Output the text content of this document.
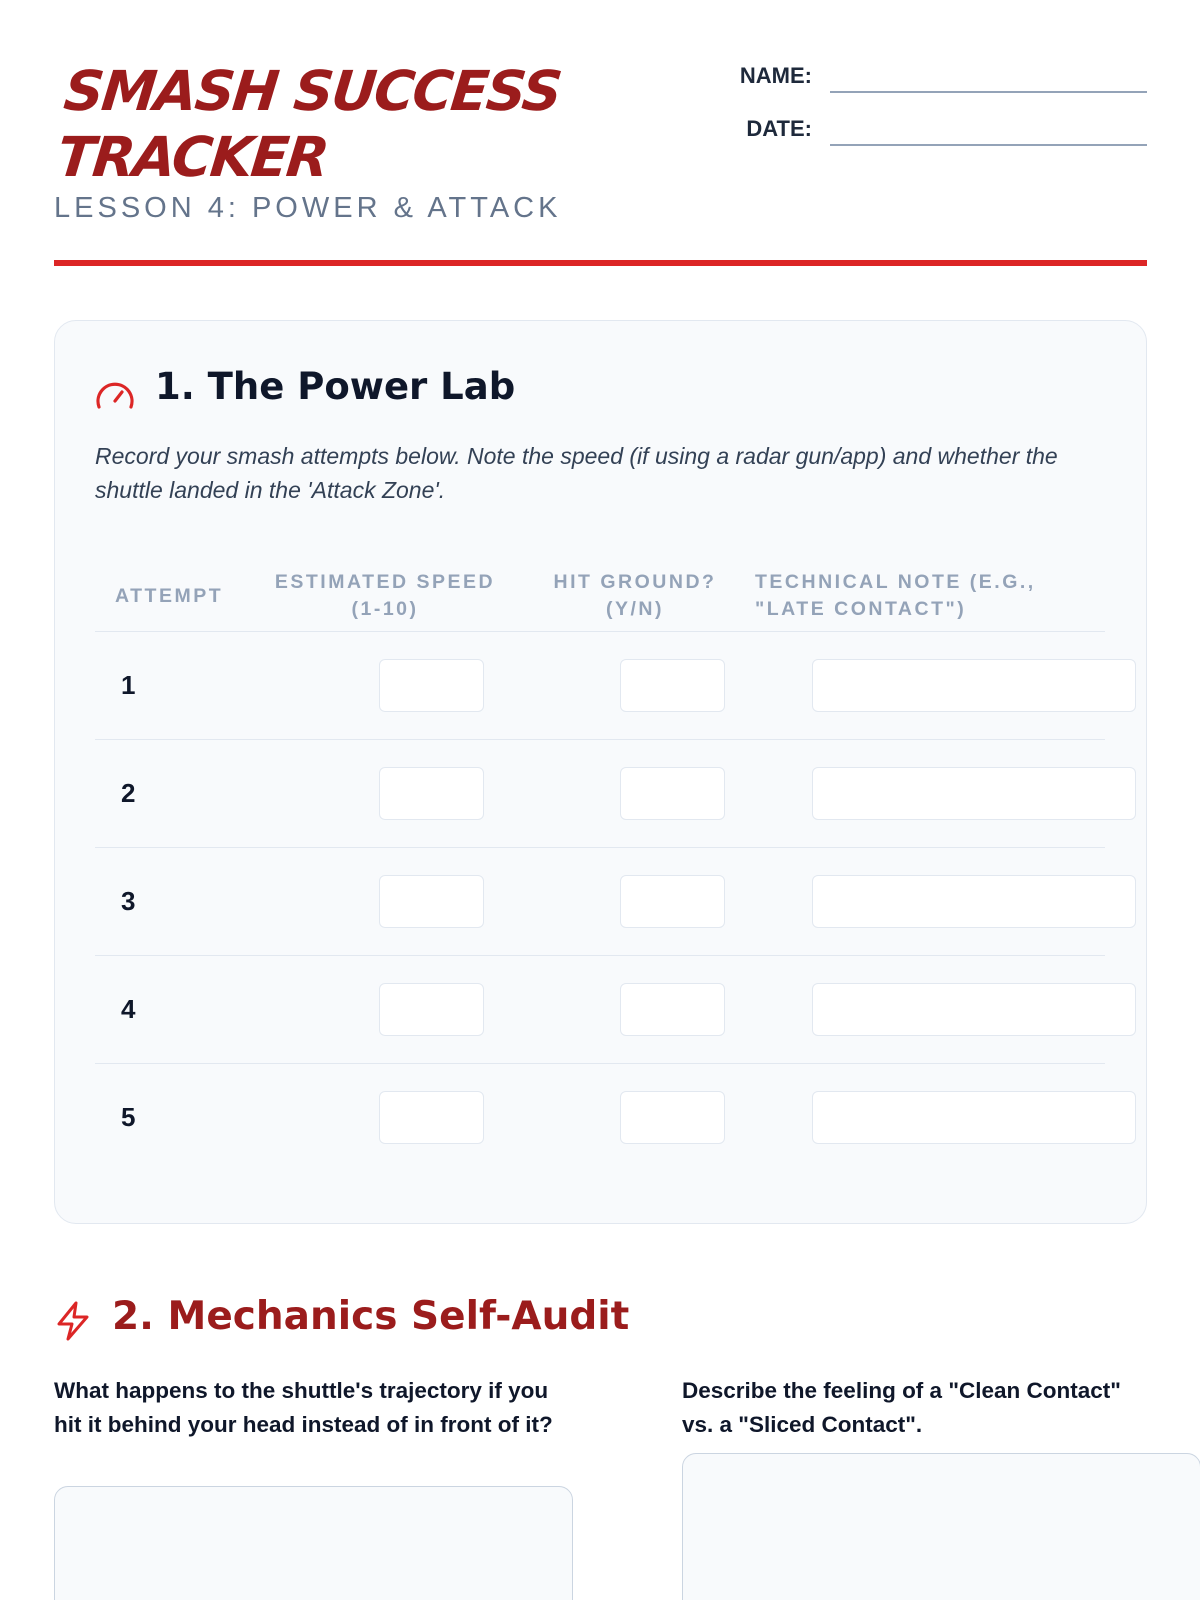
SMASH SUCCESS TRACKER
LESSON 4: POWER & ATTACK
NAME:
DATE:
1. The Power Lab
Record your smash attempts below. Note the speed (if using a radar gun/app) and whether the shuttle landed in the 'Attack Zone'.
ATTEMPT
ESTIMATED SPEED (1-10)
HIT GROUND? (Y/N)
TECHNICAL NOTE (E.G., "LATE CONTACT")
1
2
3
4
5
2. Mechanics Self-Audit
What happens to the shuttle's trajectory if you hit it behind your head instead of in front of it?
Describe the feeling of a "Clean Contact" vs. a "Sliced Contact".
